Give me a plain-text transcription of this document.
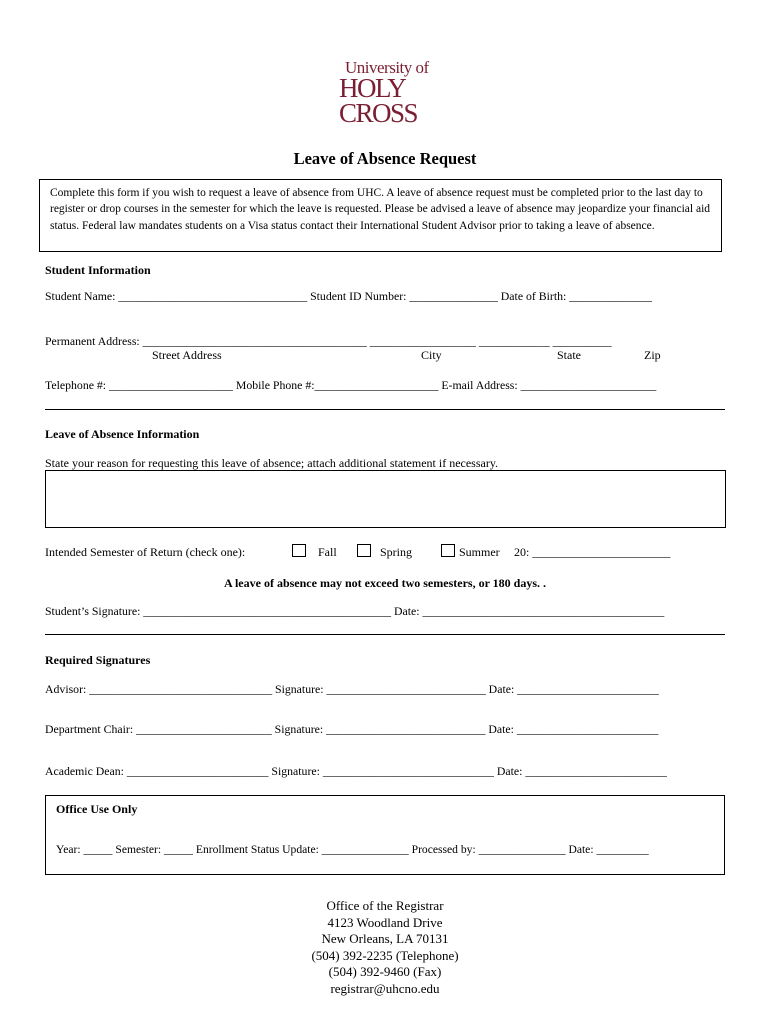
University of
HOLY
CROSS
Leave of Absence Request
Complete this form if you wish to request a leave of absence from UHC. A leave of absence request must be completed prior to the last day to register or drop courses in the semester for which the leave is requested. Please be advised a leave of absence may jeopardize your financial aid status. Federal law mandates students on a Visa status contact their International Student Advisor prior to taking a leave of absence.
Student Information
Student Name: ________________________________ Student ID Number: _______________ Date of Birth: ______________
Permanent Address: ______________________________________ __________________ ____________ __________
Street Address	City	State	Zip
Telephone #: _____________________ Mobile Phone #:_____________________ E-mail Address: _______________________
Leave of Absence Information
State your reason for requesting this leave of absence; attach additional statement if necessary.
Intended Semester of Return (check one):	Fall	Spring	Summer 20: _______________________
A leave of absence may not exceed two semesters, or 180 days. .
Student’s Signature: __________________________________________ Date: _________________________________________
Required Signatures
Advisor: _______________________________ Signature: ___________________________ Date: ________________________
Department Chair: _______________________ Signature: ___________________________ Date: ________________________
Academic Dean: ________________________ Signature: _____________________________ Date: ________________________
Office Use Only
Year: _____ Semester: _____ Enrollment Status Update: _______________ Processed by: _______________ Date: _________
Office of the Registrar
4123 Woodland Drive
New Orleans, LA 70131
(504) 392-2235 (Telephone)
(504) 392-9460 (Fax)
registrar@uhcno.edu
